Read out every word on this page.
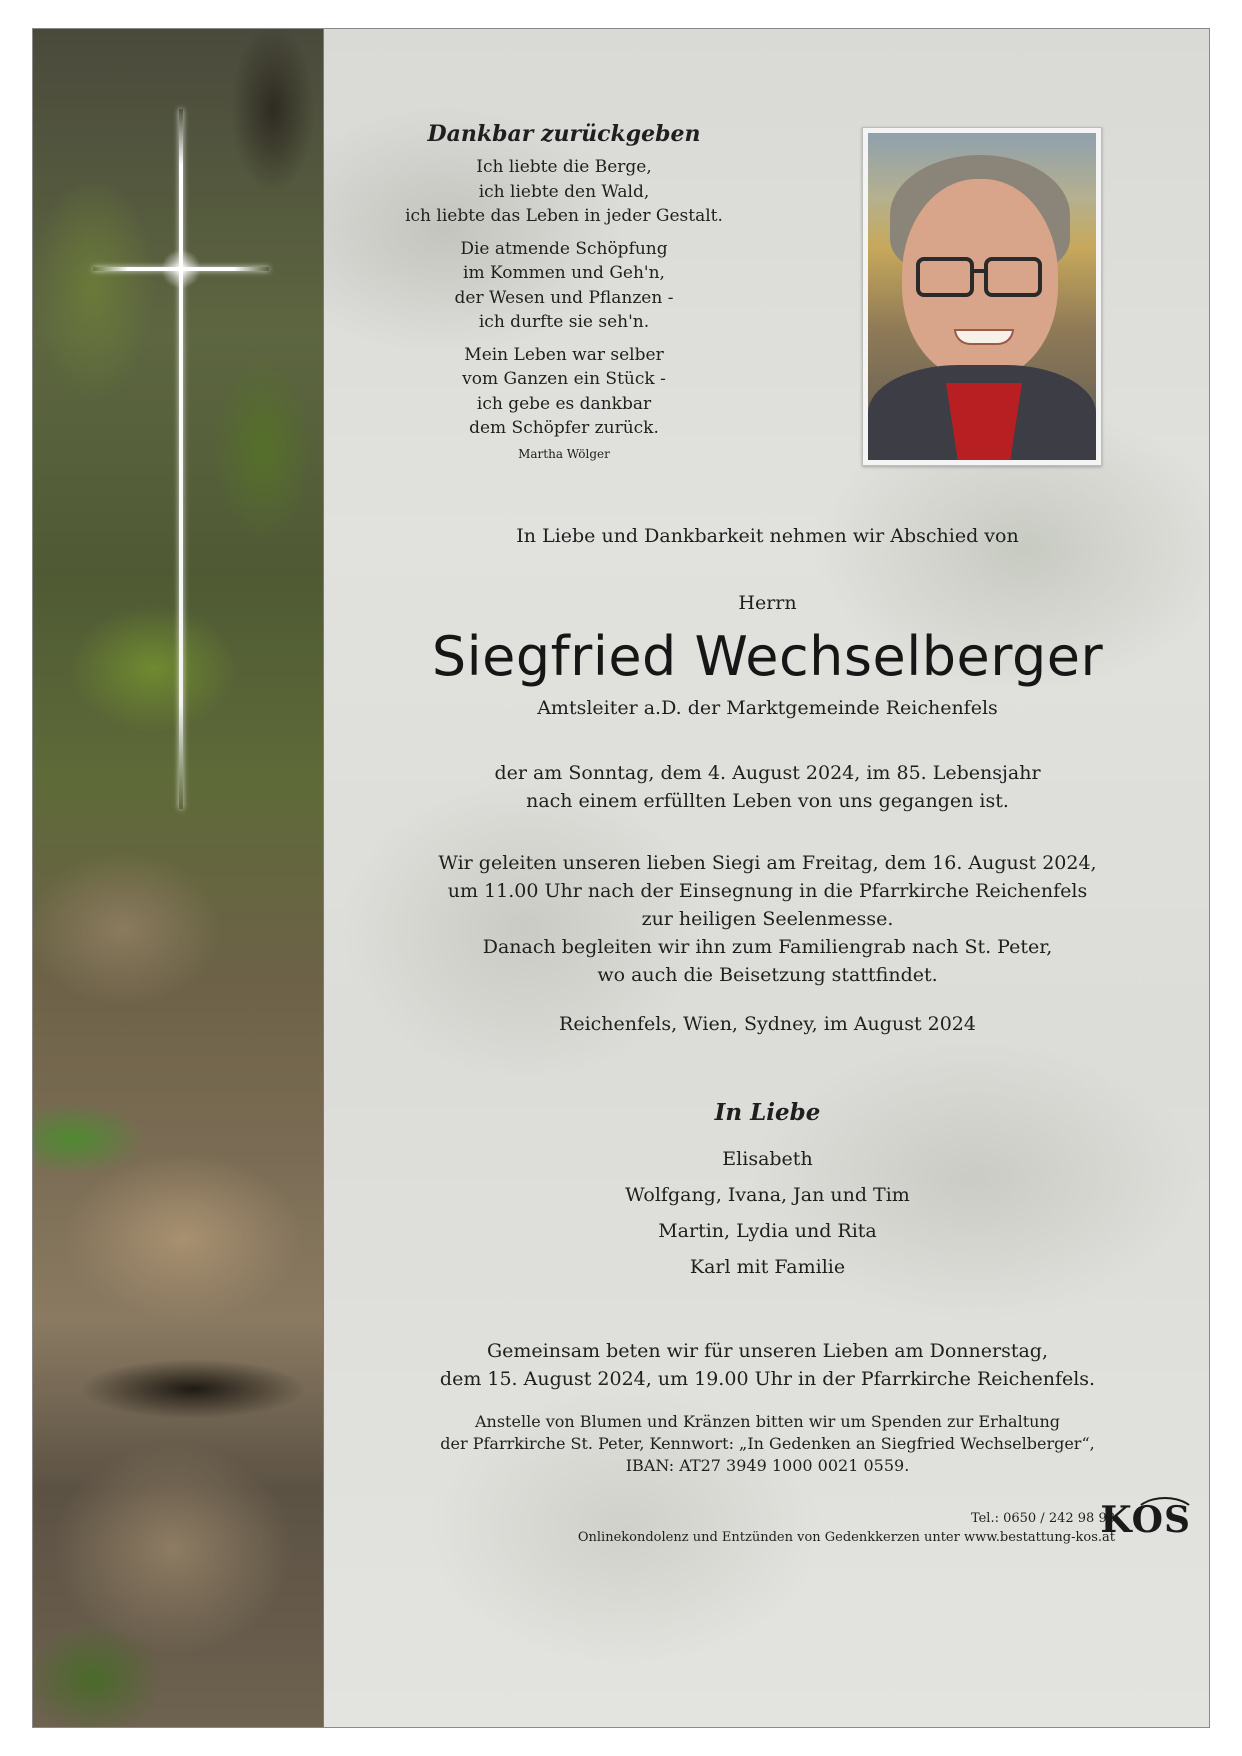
Dankbar zurückgeben
Ich liebte die Berge,
ich liebte den Wald,
ich liebte das Leben in jeder Gestalt.
Die atmende Schöpfung
im Kommen und Geh'n,
der Wesen und Pflanzen -
ich durfte sie seh'n.
Mein Leben war selber
vom Ganzen ein Stück -
ich gebe es dankbar
dem Schöpfer zurück.
Martha Wölger
In Liebe und Dankbarkeit nehmen wir Abschied von
Herrn
Siegfried Wechselberger
Amtsleiter a.D. der Marktgemeinde Reichenfels
der am Sonntag, dem 4. August 2024, im 85. Lebensjahr
nach einem erfüllten Leben von uns gegangen ist.
Wir geleiten unseren lieben Siegi am Freitag, dem 16. August 2024,
um 11.00 Uhr nach der Einsegnung in die Pfarrkirche Reichenfels
zur heiligen Seelenmesse.
Danach begleiten wir ihn zum Familiengrab nach St. Peter,
wo auch die Beisetzung stattfindet.
Reichenfels, Wien, Sydney, im August 2024
In Liebe
Elisabeth
Wolfgang, Ivana, Jan und Tim
Martin, Lydia und Rita
Karl mit Familie
Gemeinsam beten wir für unseren Lieben am Donnerstag,
dem 15. August 2024, um 19.00 Uhr in der Pfarrkirche Reichenfels.
Anstelle von Blumen und Kränzen bitten wir um Spenden zur Erhaltung
der Pfarrkirche St. Peter, Kennwort: „In Gedenken an Siegfried Wechselberger“,
IBAN: AT27 3949 1000 0021 0559.
Tel.: 0650 / 242 98 98
Onlinekondolenz und Entzünden von Gedenkkerzen unter www.bestattung-kos.at
KOS
